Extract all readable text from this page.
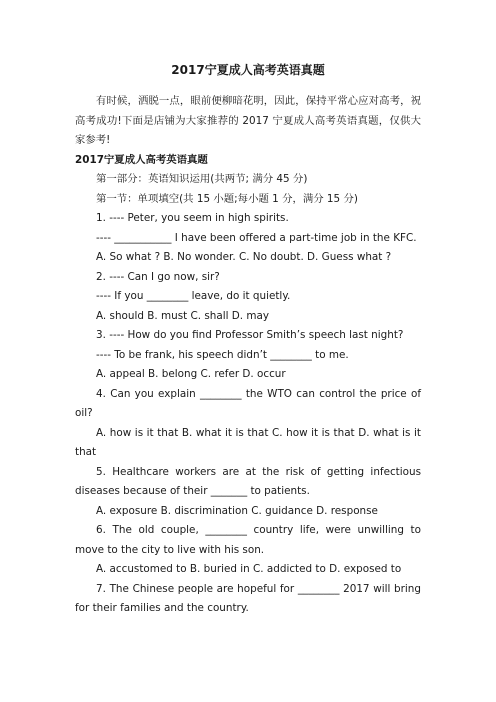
2017宁夏成人高考英语真题

有时候，洒脱一点，眼前便柳暗花明，因此，保持平常心应对高考，祝高考成功!下面是店铺为大家推荐的 2017 宁夏成人高考英语真题，仅供大家参考!

2017宁夏成人高考英语真题

第一部分：英语知识运用(共两节; 满分 45 分)

第一节：单项填空(共 15 小题;每小题 1 分，满分 15 分)

1. ---- Peter, you seem in high spirits.

---- ___________ I have been offered a part-time job in the KFC.

A. So what ? B. No wonder. C. No doubt. D. Guess what ?

2. ---- Can I go now, sir?

---- If you ________ leave, do it quietly.

A. should B. must C. shall D. may

3. ---- How do you find Professor Smith’s speech last night?

---- To be frank, his speech didn’t ________ to me.

A. appeal B. belong C. refer D. occur

4. Can you explain ________ the WTO can control the price of oil?

A. how is it that B. what it is that C. how it is that D. what is it that

5. Healthcare workers are at the risk of getting infectious diseases because of their _______ to patients.

A. exposure B. discrimination C. guidance D. response

6. The old couple, ________ country life, were unwilling to move to the city to live with his son.

A. accustomed to B. buried in C. addicted to D. exposed to

7. The Chinese people are hopeful for ________ 2017 will bring for their families and the country.
